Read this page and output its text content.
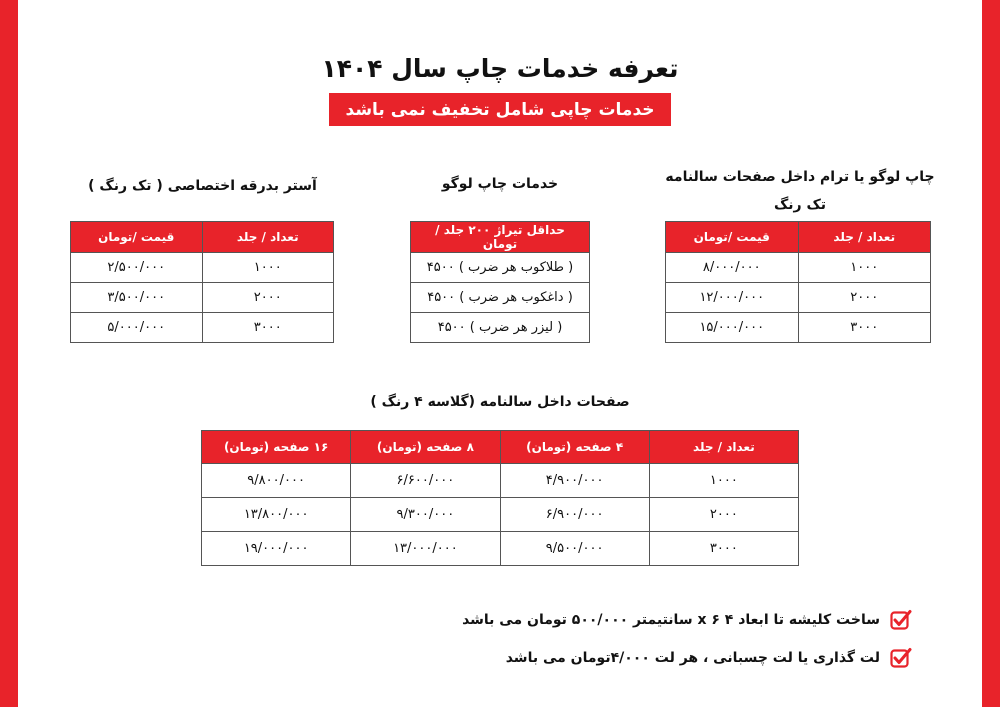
تعرفه خدمات چاپ سال ۱۴۰۴
خدمات چاپی شامل تخفیف نمی باشد
چاپ لوگو یا ترام داخل صفحات سالنامه
تک رنگ
تعداد / جلد	قیمت /تومان
۱۰۰۰	۸/۰۰۰/۰۰۰
۲۰۰۰	۱۲/۰۰۰/۰۰۰
۳۰۰۰	۱۵/۰۰۰/۰۰۰
خدمات چاپ لوگو
حداقل تیراژ ۲۰۰ جلد / تومان
( طلاکوب هر ضرب ) ۴۵۰۰
( داغکوب هر ضرب ) ۴۵۰۰
( لیزر هر ضرب ) ۴۵۰۰
آستر بدرقه اختصاصی ( تک رنگ )
تعداد / جلد	قیمت /تومان
۱۰۰۰	۲/۵۰۰/۰۰۰
۲۰۰۰	۳/۵۰۰/۰۰۰
۳۰۰۰	۵/۰۰۰/۰۰۰
صفحات داخل سالنامه (گلاسه ۴ رنگ )
تعداد / جلد	۴ صفحه (تومان)	۸ صفحه (تومان)	۱۶ صفحه (تومان)
۱۰۰۰	۴/۹۰۰/۰۰۰	۶/۶۰۰/۰۰۰	۹/۸۰۰/۰۰۰
۲۰۰۰	۶/۹۰۰/۰۰۰	۹/۳۰۰/۰۰۰	۱۳/۸۰۰/۰۰۰
۳۰۰۰	۹/۵۰۰/۰۰۰	۱۳/۰۰۰/۰۰۰	۱۹/۰۰۰/۰۰۰
ساخت کلیشه تا ابعاد ۴ x ۶ سانتیمتر ۵۰۰/۰۰۰ تومان می باشد
لت گذاری یا لت چسبانی ، هر لت ۴/۰۰۰تومان می باشد
